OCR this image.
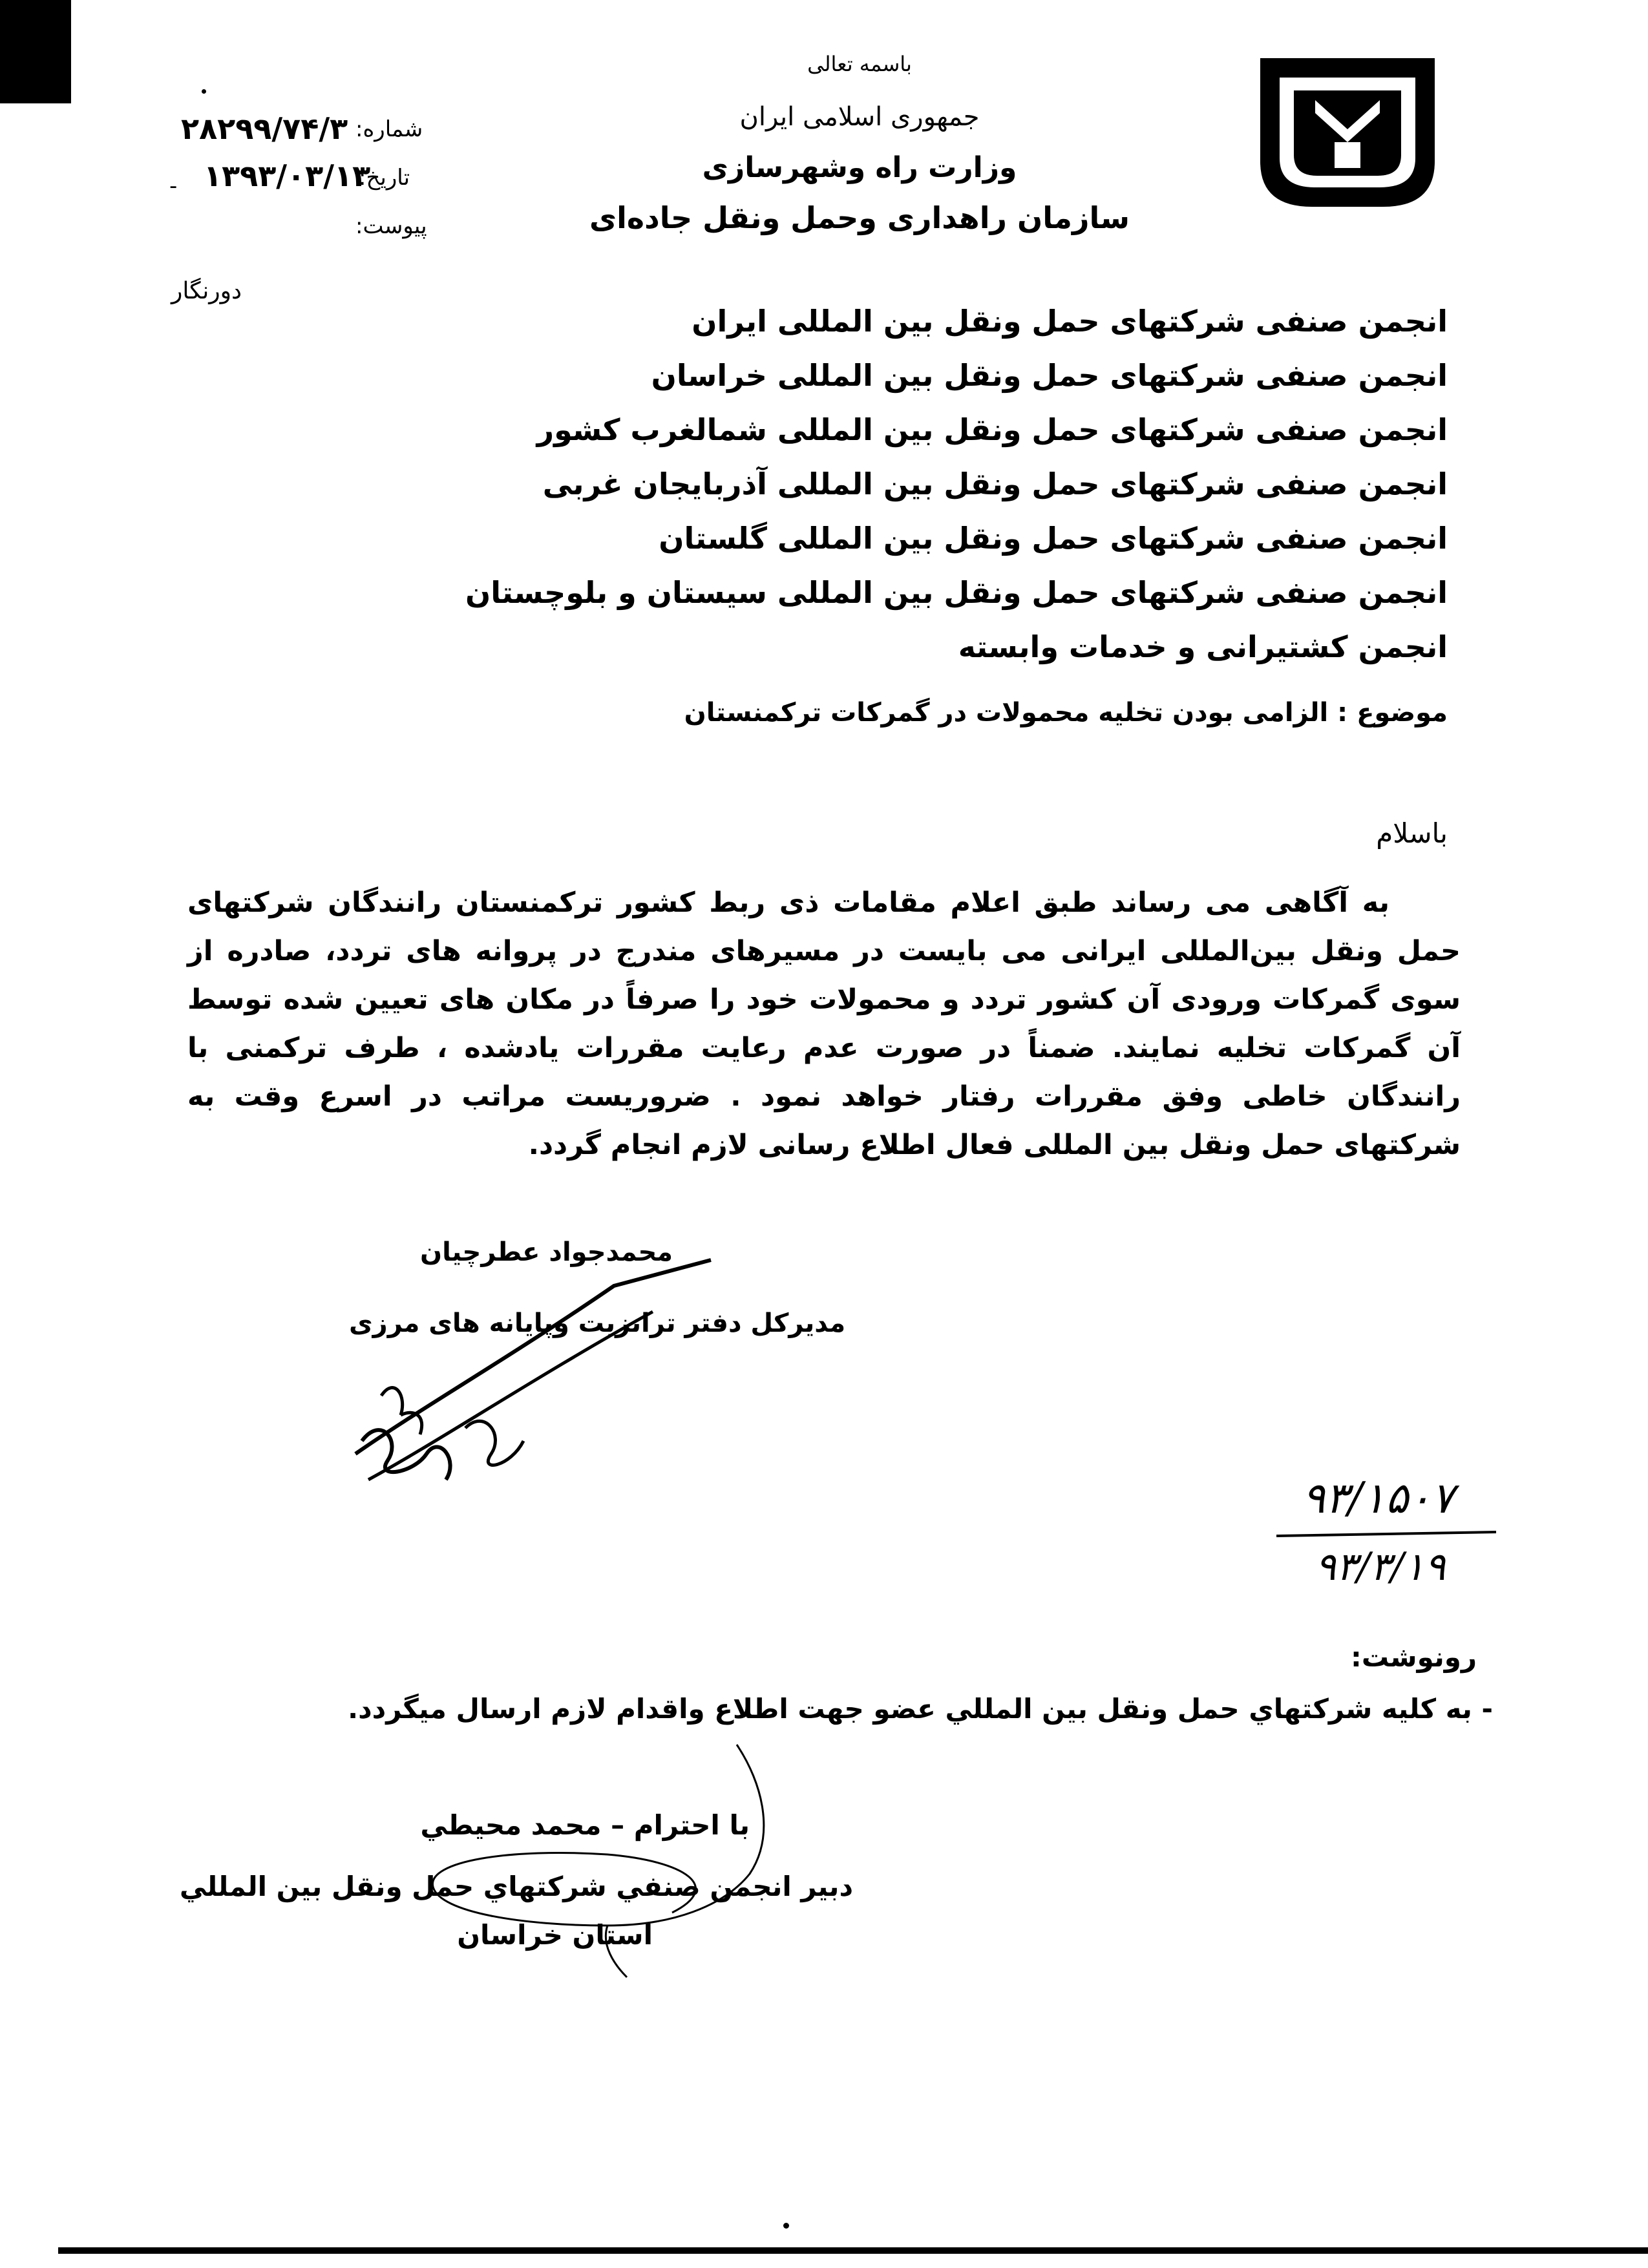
باسمه تعالی
جمهوری اسلامی ایران
وزارت راه وشهرسازی
سازمان راهداری وحمل ونقل جاده‌ای
شماره:
۲۸۲۹۹/۷۴/۳
تاریخ:
۱۳۹۳/۰۳/۱۳
-
پیوست:
دورنگار
انجمن صنفی شرکتهای حمل ونقل بین المللی ایران
انجمن صنفی شرکتهای حمل ونقل بین المللی خراسان
انجمن صنفی شرکتهای حمل ونقل بین المللی شمالغرب کشور
انجمن صنفی شرکتهای حمل ونقل بین المللی آذربایجان غربی
انجمن صنفی شرکتهای حمل ونقل بین المللی گلستان
انجمن صنفی شرکتهای حمل ونقل بین المللی سیستان و بلوچستان
انجمن کشتیرانی و خدمات وابسته
موضوع : الزامی بودن تخلیه محمولات در گمرکات ترکمنستان
باسلام
به آگاهی می رساند طبق اعلام مقامات ذی ربط کشور ترکمنستان رانندگان شرکتهای حمل ونقل بین‌المللی ایرانی می بایست در مسیرهای مندرج در پروانه های تردد، صادره از سوی گمرکات ورودی آن کشور تردد و محمولات خود را صرفاً در مکان های تعیین شده توسط آن گمرکات تخلیه نمایند. ضمناً در صورت عدم رعایت مقررات یادشده ، طرف ترکمنی با رانندگان خاطی وفق مقررات رفتار خواهد نمود . ضروریست مراتب در اسرع وقت به شرکتهای حمل ونقل بین المللی فعال اطلاع رسانی لازم انجام گردد.
محمدجواد عطرچیان
مدیرکل دفتر ترانزیت وپایانه های مرزی
۹۳/۱۵۰۷
۹۳/۳/۱۹
رونوشت:
- به کليه شرکتهاي حمل ونقل بين المللي عضو جهت اطلاع واقدام لازم ارسال ميگردد.
با احترام – محمد محيطي
دبير انجمن صنفي شرکتهاي حمل ونقل بين المللي
استان خراسان
